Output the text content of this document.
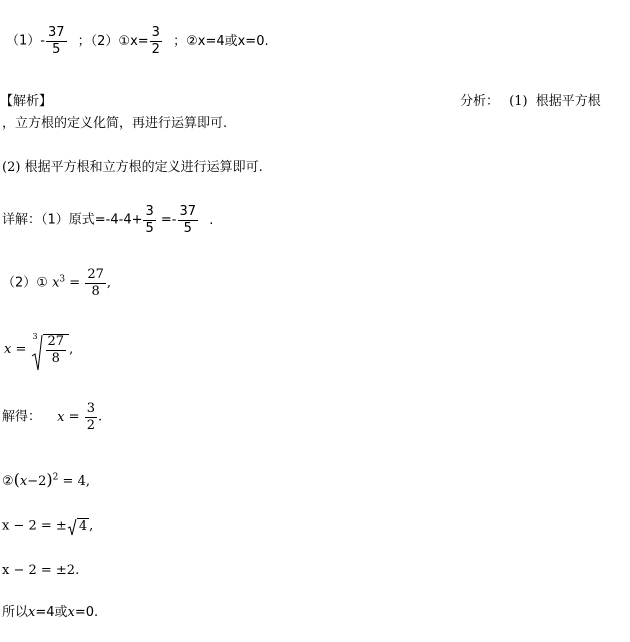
$(1)- \frac{37}{5}$ ；（2）①x= $\frac{3}{2}$ ；②x=4或x=0.
【解析】	分析： (1) 根据平方根
，立方根的定义化简，再进行运算即可.
(2) 根据平方根和立方根的定义进行运算即可.
详解：（1）原式$=-4-4+ \frac{3}{5} =- \frac{37}{5}$ .
（2）① $x^3 = \frac{27}{8}$ ,
x =
$3 \frac{27}{8}$ ,
解得： $x = \frac{3}{2}$ .
$②(x-2)^2 = 4$,
x − 2 = ± 4 ,
x − 2 = ±2.
所以x=4或x=0.
